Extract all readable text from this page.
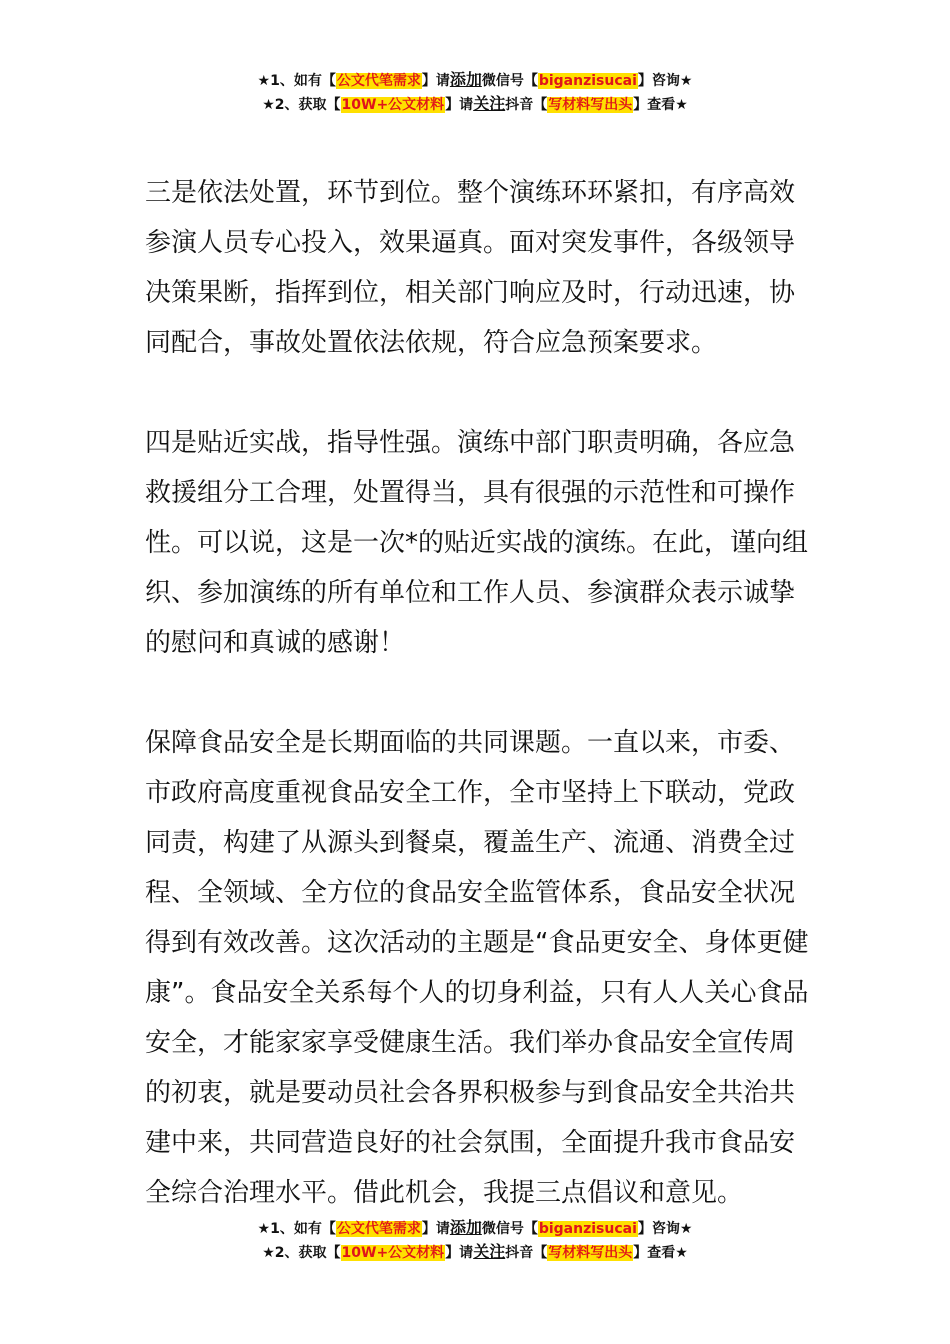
★1、如有【公文代笔需求】请添加微信号【biganzisucai】咨询★
★2、获取【10W+公文材料】请关注抖音【写材料写出头】查看★

三是依法处置，环节到位。整个演练环环紧扣，有序高效参演人员专心投入，效果逼真。面对突发事件，各级领导决策果断，指挥到位，相关部门响应及时，行动迅速，协同配合，事故处置依法依规，符合应急预案要求。

四是贴近实战，指导性强。演练中部门职责明确，各应急救援组分工合理，处置得当，具有很强的示范性和可操作性。可以说，这是一次*的贴近实战的演练。在此，谨向组织、参加演练的所有单位和工作人员、参演群众表示诚挚的慰问和真诚的感谢！

保障食品安全是长期面临的共同课题。一直以来，市委、市政府高度重视食品安全工作，全市坚持上下联动，党政同责，构建了从源头到餐桌，覆盖生产、流通、消费全过程、全领域、全方位的食品安全监管体系，食品安全状况得到有效改善。这次活动的主题是“食品更安全、身体更健康”。食品安全关系每个人的切身利益，只有人人关心食品安全，才能家家享受健康生活。我们举办食品安全宣传周的初衷，就是要动员社会各界积极参与到食品安全共治共建中来，共同营造良好的社会氛围，全面提升我市食品安全综合治理水平。借此机会，我提三点倡议和意见。

★1、如有【公文代笔需求】请添加微信号【biganzisucai】咨询★
★2、获取【10W+公文材料】请关注抖音【写材料写出头】查看★
